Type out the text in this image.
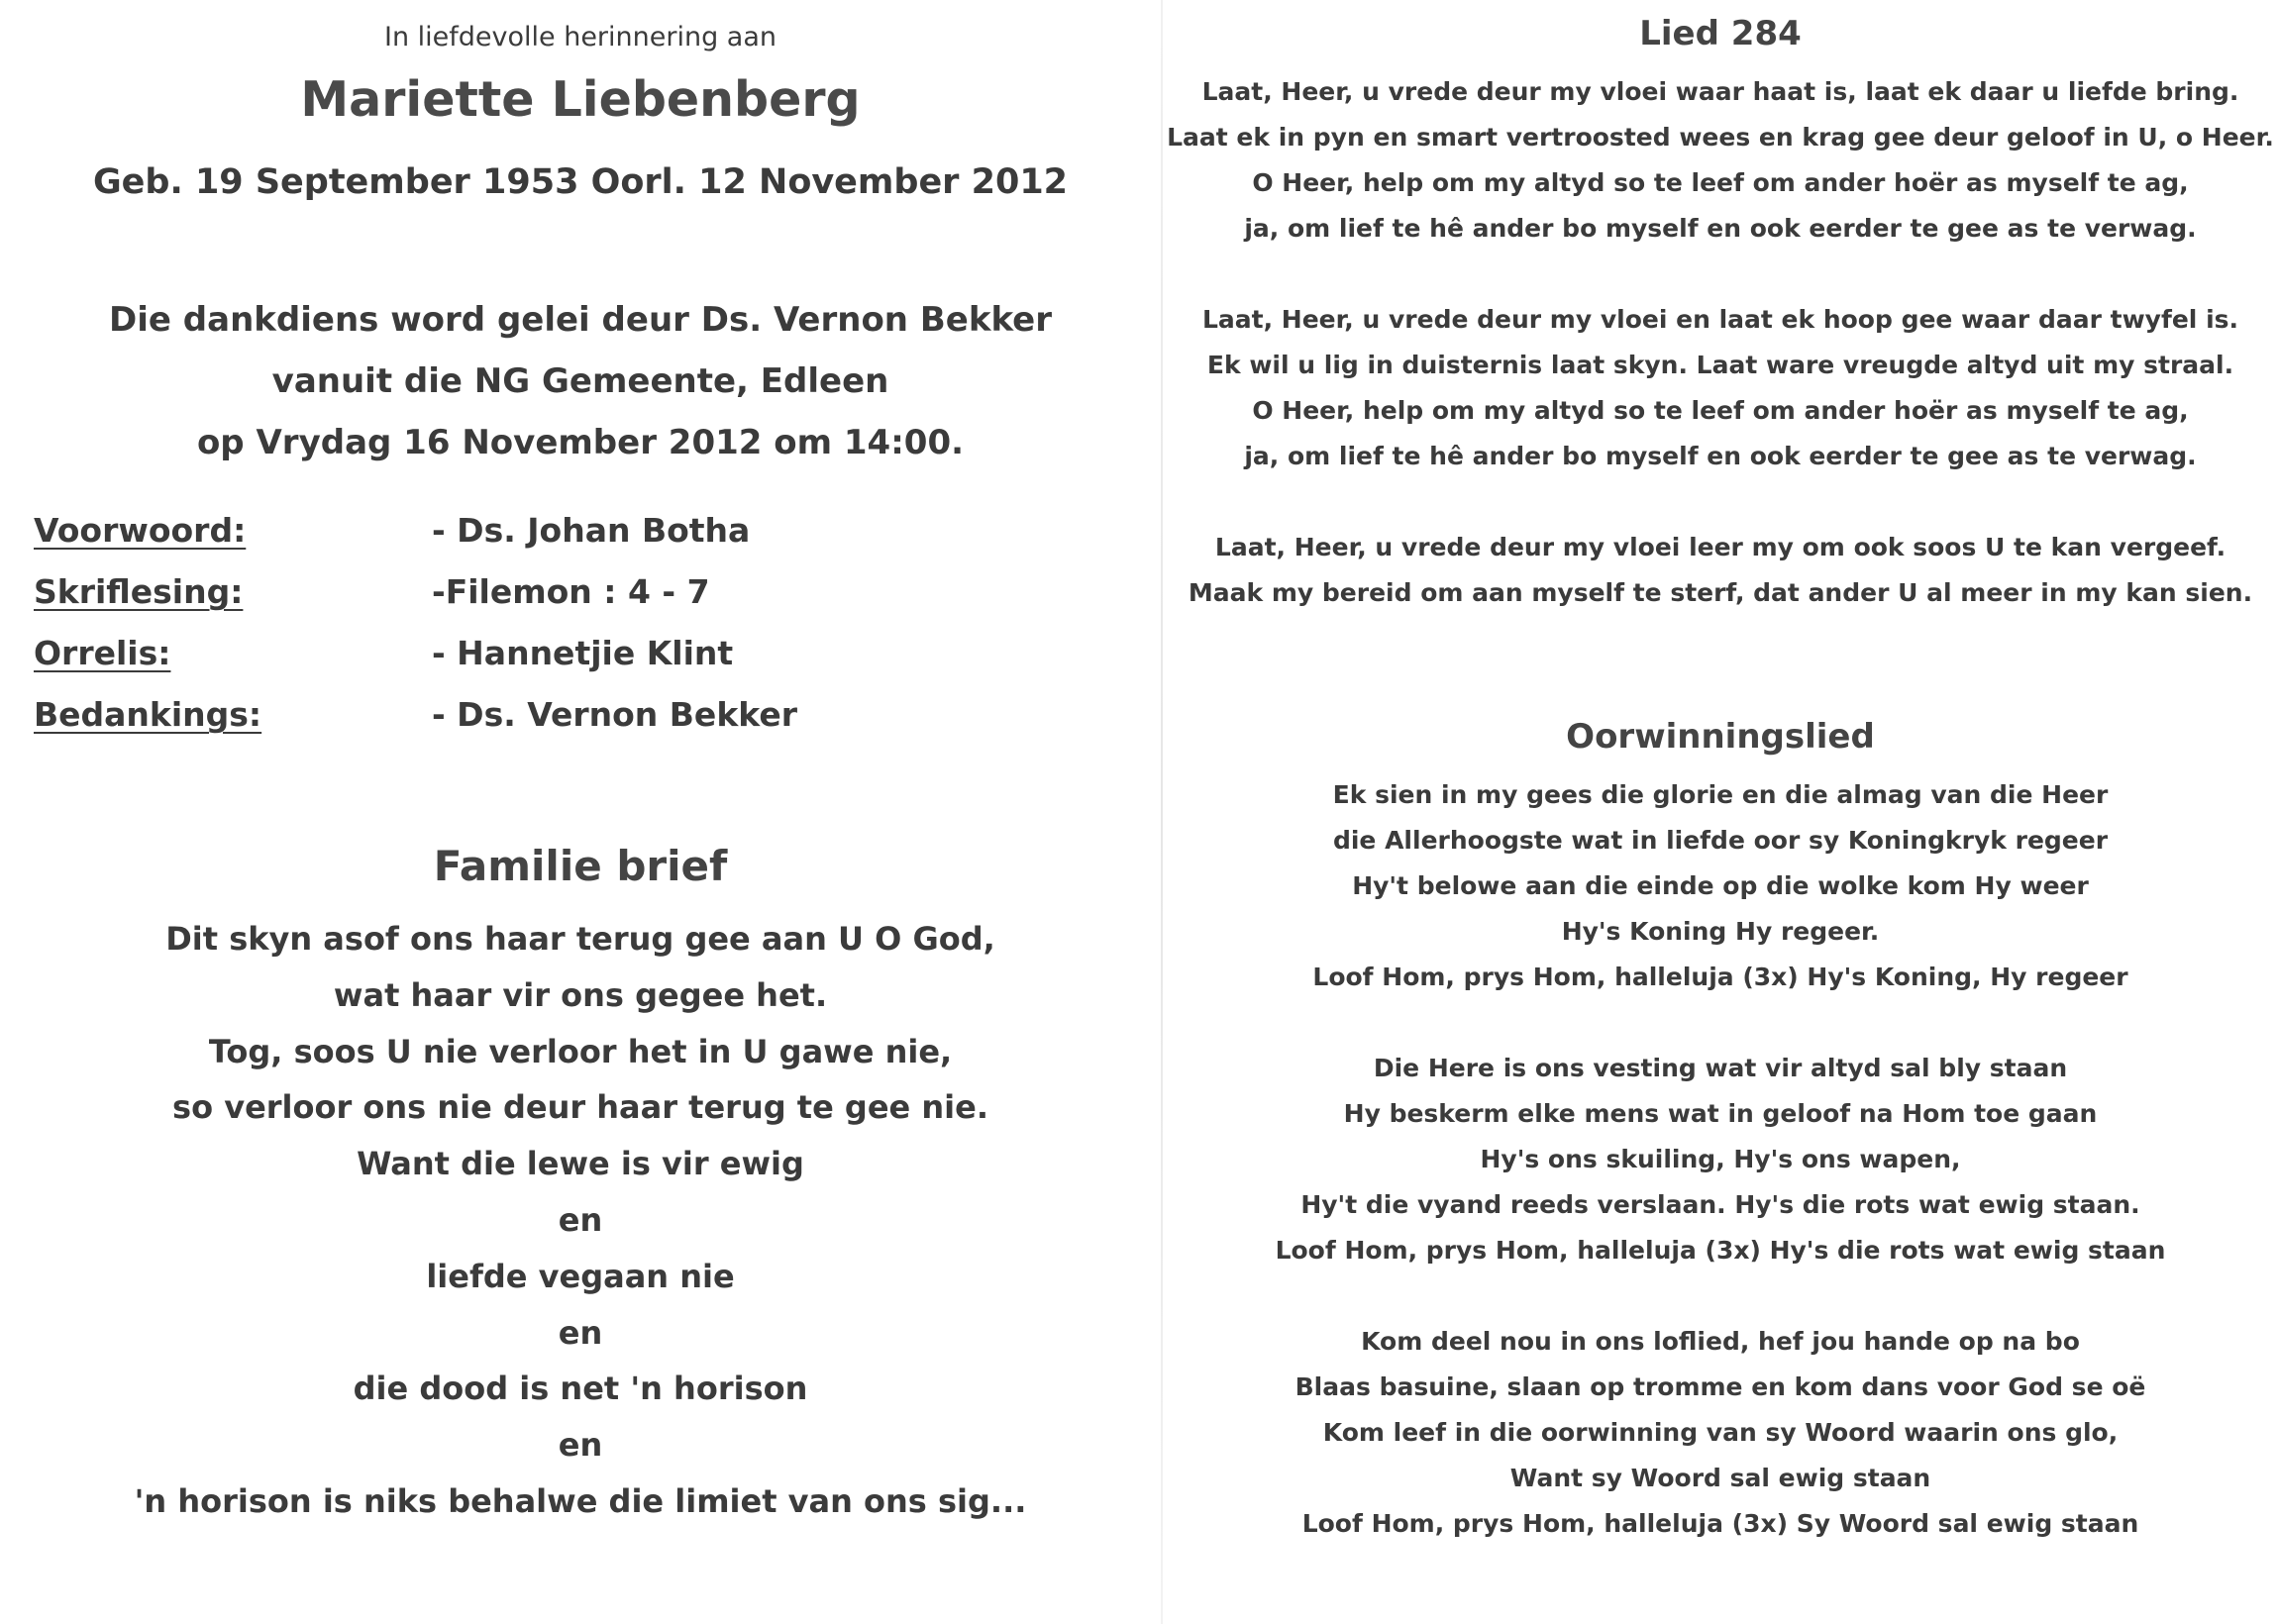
In liefdevolle herinnering aan
Mariette Liebenberg
Geb. 19 September 1953 Oorl. 12 November 2012
Die dankdiens word gelei deur Ds. Vernon Bekker
vanuit die NG Gemeente, Edleen
op Vrydag 16 November 2012 om 14:00.
Voorwoord:	- Ds. Johan Botha
Skriflesing:	-Filemon : 4 - 7
Orrelis:	- Hannetjie Klint
Bedankings:	- Ds. Vernon Bekker
Familie brief
Dit skyn asof ons haar terug gee aan U O God,
wat haar vir ons gegee het.
Tog, soos U nie verloor het in U gawe nie,
so verloor ons nie deur haar terug te gee nie.
Want die lewe is vir ewig
en
liefde vegaan nie
en
die dood is net 'n horison
en
'n horison is niks behalwe die limiet van ons sig...
Lied 284
Laat, Heer, u vrede deur my vloei waar haat is, laat ek daar u liefde bring.
Laat ek in pyn en smart vertroosted wees en krag gee deur geloof in U, o Heer.
O Heer, help om my altyd so te leef om ander hoër as myself te ag,
ja, om lief te hê ander bo myself en ook eerder te gee as te verwag.
Laat, Heer, u vrede deur my vloei en laat ek hoop gee waar daar twyfel is.
Ek wil u lig in duisternis laat skyn. Laat ware vreugde altyd uit my straal.
O Heer, help om my altyd so te leef om ander hoër as myself te ag,
ja, om lief te hê ander bo myself en ook eerder te gee as te verwag.
Laat, Heer, u vrede deur my vloei leer my om ook soos U te kan vergeef.
Maak my bereid om aan myself te sterf, dat ander U al meer in my kan sien.
Oorwinningslied
Ek sien in my gees die glorie en die almag van die Heer
die Allerhoogste wat in liefde oor sy Koningkryk regeer
Hy't belowe aan die einde op die wolke kom Hy weer
Hy's Koning Hy regeer.
Loof Hom, prys Hom, halleluja (3x) Hy's Koning, Hy regeer
Die Here is ons vesting wat vir altyd sal bly staan
Hy beskerm elke mens wat in geloof na Hom toe gaan
Hy's ons skuiling, Hy's ons wapen,
Hy't die vyand reeds verslaan. Hy's die rots wat ewig staan.
Loof Hom, prys Hom, halleluja (3x) Hy's die rots wat ewig staan
Kom deel nou in ons loflied, hef jou hande op na bo
Blaas basuine, slaan op tromme en kom dans voor God se oë
Kom leef in die oorwinning van sy Woord waarin ons glo,
Want sy Woord sal ewig staan
Loof Hom, prys Hom, halleluja (3x) Sy Woord sal ewig staan
